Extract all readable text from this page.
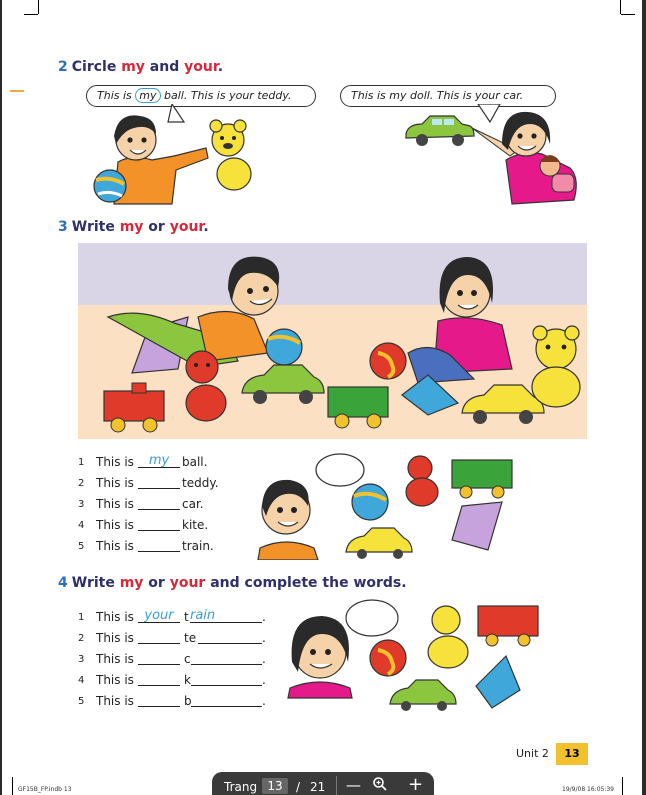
2 Circle my and your.
This is my ball. This is your teddy.	This is my doll. This is your car.
3 Write my or your.
1 This is	my	ball.
2 This is	teddy.
3 This is	car.
4 This is	kite.
5 This is	train.
4 Write my or your and complete the words.
1 This is your t rain	.
2 This is	te	.
3 This is	c	.
4 This is	k	.
5 This is	b	.
Unit 2	13
GF15B_FP.indb 13	19/9/08 16:05:39
Trang 13	/ 21 —	+
